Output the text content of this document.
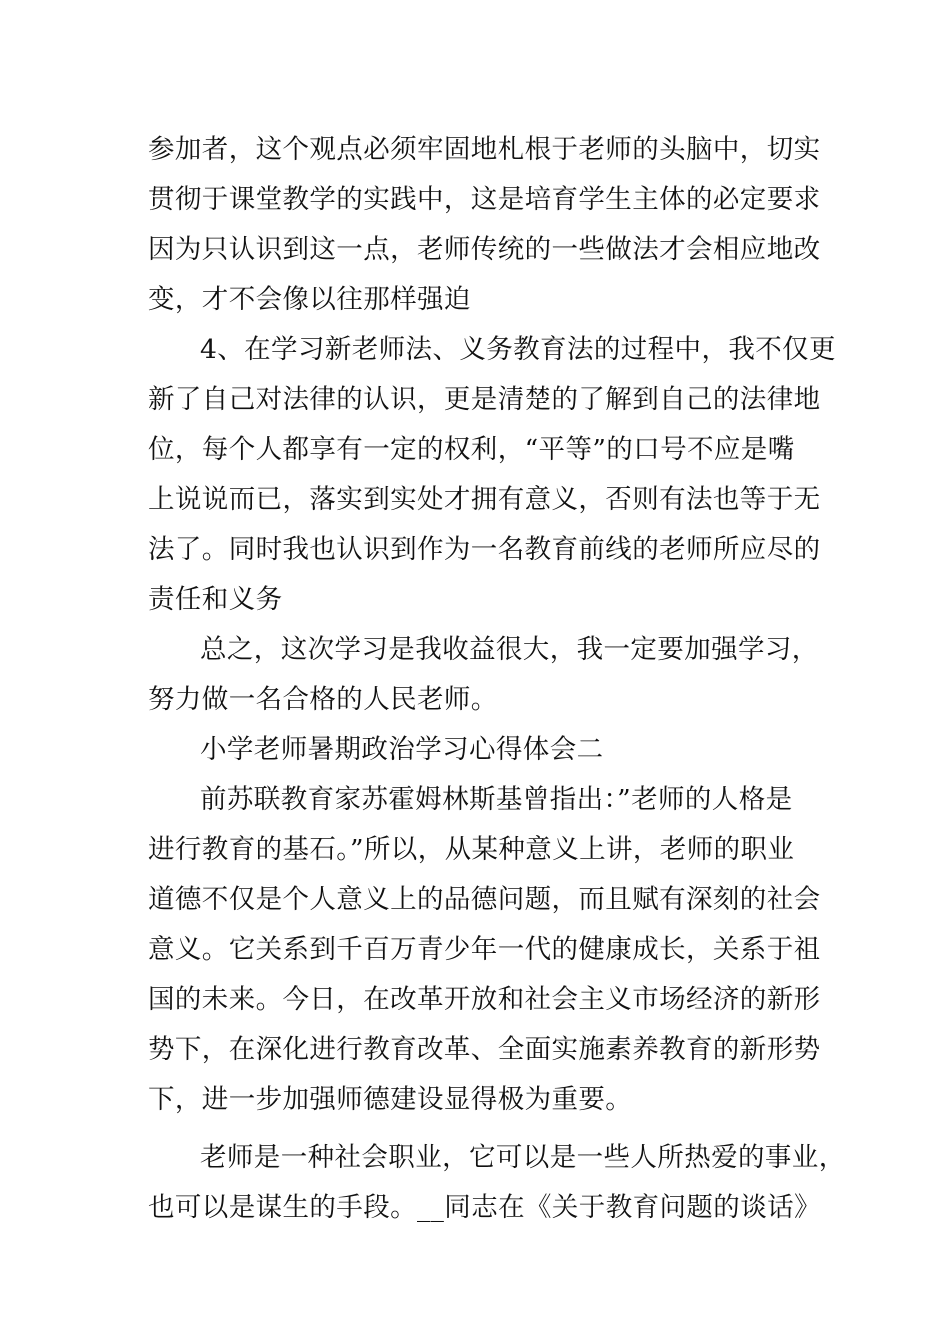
参加者，这个观点必须牢固地札根于老师的头脑中，切实
贯彻于课堂教学的实践中，这是培育学生主体的必定要求
因为只认识到这一点，老师传统的一些做法才会相应地改
变，才不会像以往那样强迫
4、在学习新老师法、义务教育法的过程中，我不仅更
新了自己对法律的认识，更是清楚的了解到自己的法律地
位，每个人都享有一定的权利，“平等”的口号不应是嘴
上说说而已，落实到实处才拥有意义，否则有法也等于无
法了。同时我也认识到作为一名教育前线的老师所应尽的
责任和义务
总之，这次学习是我收益很大，我一定要加强学习，
努力做一名合格的人民老师。
小学老师暑期政治学习心得体会二
前苏联教育家苏霍姆林斯基曾指出：”老师的人格是
进行教育的基石。”所以，从某种意义上讲，老师的职业
道德不仅是个人意义上的品德问题，而且赋有深刻的社会
意义。它关系到千百万青少年一代的健康成长，关系于祖
国的未来。今日，在改革开放和社会主义市场经济的新形
势下，在深化进行教育改革、全面实施素养教育的新形势
下，进一步加强师德建设显得极为重要。
老师是一种社会职业，它可以是一些人所热爱的事业，
也可以是谋生的手段。__同志在《关于教育问题的谈话》
